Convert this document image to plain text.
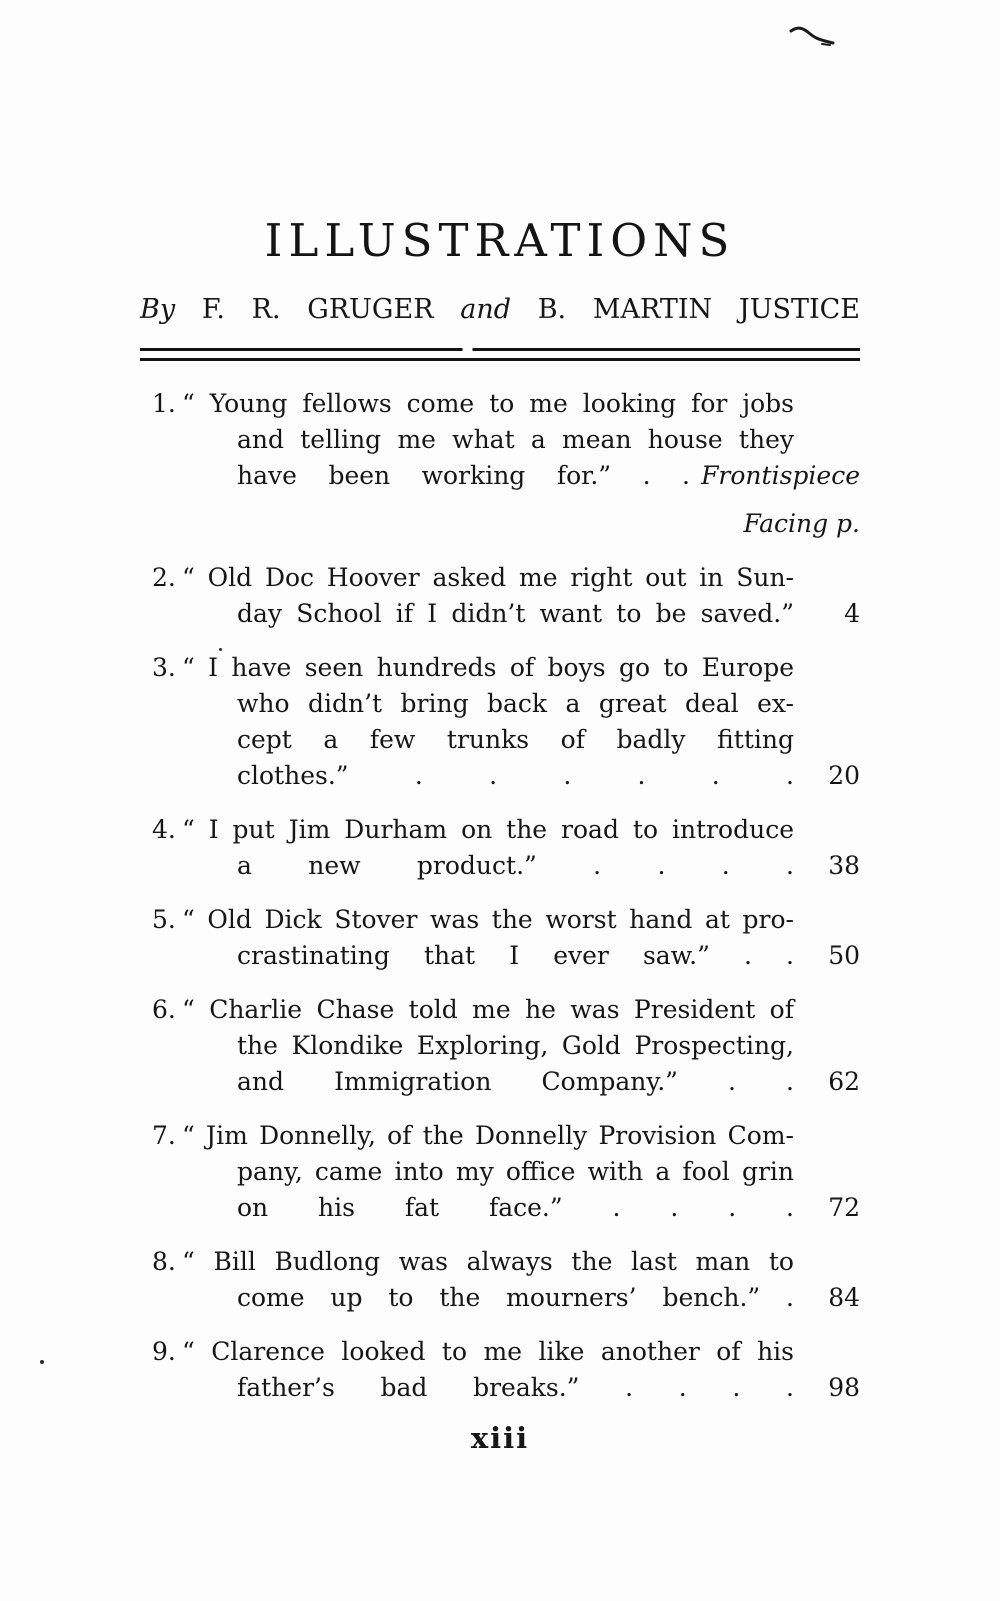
ILLUSTRATIONS
By F. R. GRUGER and B. MARTIN JUSTICE
1. “ Young fellows come to me looking for jobs
and telling me what a mean house they
have been working for.” . . Frontispiece
Facing p.
2. “ Old Doc Hoover asked me right out in Sun-
day School if I didn’t want to be saved.”	4
3. “ I have seen hundreds of boys go to Europe
who didn’t bring back a great deal ex-
cept a few trunks of badly fitting
clothes.” . . . . . .	20
4. “ I put Jim Durham on the road to introduce
a new product.” . . . .	38
5. “ Old Dick Stover was the worst hand at pro-
crastinating that I ever saw.” . .	50
6. “ Charlie Chase told me he was President of
the Klondike Exploring, Gold Prospecting,
and Immigration Company.” . .	62
7. “ Jim Donnelly, of the Donnelly Provision Com-
pany, came into my office with a fool grin
on his fat face.” . . . .	72
8. “ Bill Budlong was always the last man to
come up to the mourners’ bench.” .	84
9. “ Clarence looked to me like another of his
father’s bad breaks.” . . . .	98
xiii
